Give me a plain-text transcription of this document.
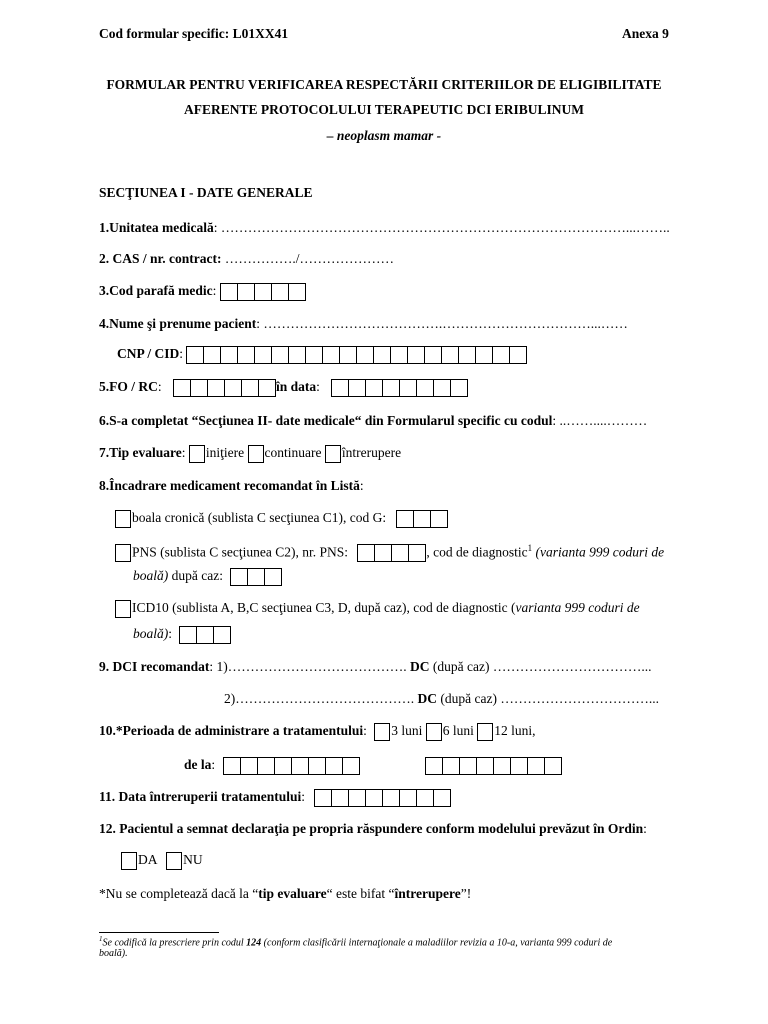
Cod formular specific: L01XX41	Anexa 9
FORMULAR PENTRU VERIFICAREA RESPECTĂRII CRITERIILOR DE ELIGIBILITATE
AFERENTE PROTOCOLULUI TERAPEUTIC DCI ERIBULINUM
– neoplasm mamar -
SECŢIUNEA I - DATE GENERALE
1.Unitatea medicală: ………………………………………………………………………………...……..
2. CAS / nr. contract: ……………./…………………
3.Cod parafă medic:
4.Nume şi prenume pacient: ………………………………….……………………………...……
CNP / CID:
5.FO / RC:	în data:
6.S-a completat “Secţiunea II- date medicale“ din Formularul specific cu codul: ..……....………
7.Tip evaluare: iniţiere continuare întrerupere
8.Încadrare medicament recomandat în Listă:
boala cronică (sublista C secţiunea C1), cod G:
PNS (sublista C secţiunea C2), nr. PNS:	, cod de diagnostic$^1$ (varianta 999 coduri de
boală) după caz:
ICD10 (sublista A, B,C secţiunea C3, D, după caz), cod de diagnostic (varianta 999 coduri de
boală):
9. DCI recomandat: 1)…………………………………. DC (după caz) ……………………………...
2)…………………………………. DC (după caz) ……………………………...
10.*Perioada de administrare a tratamentului: 3 luni 6 luni 12 luni,
de la:
11. Data întreruperii tratamentului:
12. Pacientul a semnat declaraţia pe propria răspundere conform modelului prevăzut în Ordin:
DA NU
*Nu se completează dacă la “tip evaluare“ este bifat “întrerupere”!
$^1$Se codifică la prescriere prin codul 124 (conform clasificării internaţionale a maladiilor revizia a 10-a, varianta 999 coduri de
boală).
